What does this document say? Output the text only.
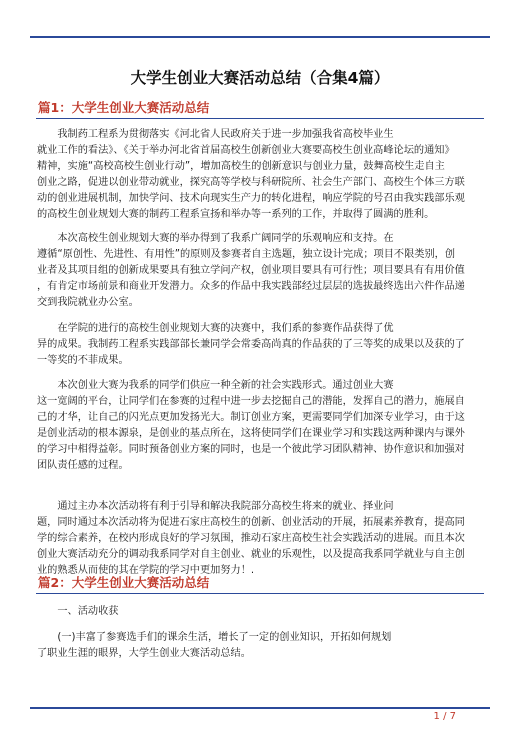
大学生创业大赛活动总结（合集4篇）
篇1：大学生创业大赛活动总结

　　我制药工程系为贯彻落实《河北省人民政府关于进一步加强我省高校毕业生
就业工作的看法》、《关于举办河北省首届高校生创新创业大赛要高校生创业高峰论坛的通知》
精神，实施“高校高校生创业行动”，增加高校生的创新意识与创业力量，鼓舞高校生走自主
创业之路，促进以创业带动就业，探究高等学校与科研院所、社会生产部门、高校生个体三方联
动的创业进展机制，加快学问、技术向现实生产力的转化进程，响应学院的号召由我实践部乐观
的高校生创业规划大赛的制药工程系宣扬和举办等一系列的工作，并取得了圆满的胜利。

　　本次高校生创业规划大赛的举办得到了我系广阔同学的乐观响应和支持。在
遵循“原创性、先进性、有用性”的原则及参赛者自主选题，独立设计完成；项目不限类别，创
业者及其项目组的创新成果要具有独立学问产权，创业项目要具有可行性；项目要具有有用价值
，有肯定市场前景和商业开发潜力。众多的作品中我实践部经过层层的选拔最终选出六件作品递
交到我院就业办公室。

　　在学院的进行的高校生创业规划大赛的决赛中，我们系的参赛作品获得了优
异的成果。我制药工程系实践部部长兼同学会常委高尚真的作品获的了三等奖的成果以及获的了
一等奖的不菲成果。

　　本次创业大赛为我系的同学们供应一种全新的社会实践形式。通过创业大赛
这一宽阔的平台，让同学们在参赛的过程中进一步去挖掘自己的潜能，发挥自己的潜力，施展自
己的才华，让自己的闪光点更加发扬光大。制订创业方案，更需要同学们加深专业学习，由于这
是创业活动的根本源泉，是创业的基点所在，这将使同学们在课业学习和实践这两种课内与课外
的学习中相得益彰。同时预备创业方案的同时，也是一个彼此学习团队精神、协作意识和加强对
团队责任感的过程。

　　通过主办本次活动将有利于引导和解决我院部分高校生将来的就业、择业问
题，同时通过本次活动将为促进石家庄高校生的创新、创业活动的开展，拓展素养教育，提高同
学的综合素养，在校内形成良好的学习氛围，推动石家庄高校生社会实践活动的进展。而且本次
创业大赛活动充分的调动我系同学对自主创业、就业的乐观性，以及提高我系同学就业与自主创
业的熟悉从而使的其在学院的学习中更加努力！.

篇2：大学生创业大赛活动总结

　　一、活动收获

　　(一)丰富了参赛选手们的课余生活，增长了一定的创业知识，开拓如何规划
了职业生涯的眼界，大学生创业大赛活动总结。

1 / 7
